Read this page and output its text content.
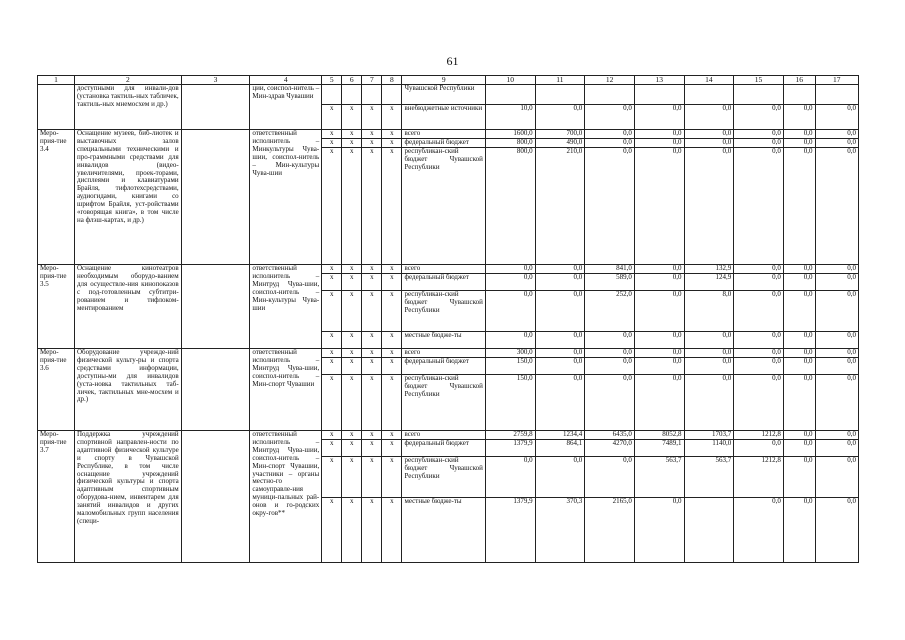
61
1	2	3	4	5	6	7	8	9	10	11	12	13	14	15	16	17
	доступными для инвали-дов (установка тактиль-ных табличек, тактиль-ных мнемосхем и др.)		ции, соиспол-нитель – Мин-здрав Чувашии					Чувашской Республики								
				x	x	x	x	внебюджетные источники	10,0	0,0	0,0	0,0	0,0	0,0	0,0	0,0
Меро-прия-тие 3.4	Оснащение музеев, биб-лиотек и выставочных залов специальными техническими и про-граммными средствами для инвалидов (видео-увеличителями, проек-торами, дисплеями и клавиатурами Брайля, тифлотехсредствами, аудиогидами, книгами со шрифтом Брайля, уст-ройствами «говорящая книга», в том числе на флэш-картах, и др.)		ответственный исполнитель – Минкультуры Чува-шии, соиспол-нитель – Мин-культуры Чува-шии	x	x	x	x	всего	1600,0	700,0	0,0	0,0	0,0	0,0	0,0	0,0
				x	x	x	x	федеральный бюджет	800,0	490,0	0,0	0,0	0,0	0,0	0,0	0,0
				x	x	x	x	республикан-ский бюджет Чувашской Республики	800,0	210,0	0,0	0,0	0,0	0,0	0,0	0,0
Меро-прия-тие 3.5	Оснащение кинотеатров необходимым оборудо-ванием для осуществле-ния кинопоказов с под-готовленным субтитри-рованием и тифлоком-ментированием		ответственный исполнитель – Минтруд Чува-шии, соиспол-нитель – Мин-культуры Чува-шии	x	x	x	x	всего	0,0	0,0	841,0	0,0	132,9	0,0	0,0	0,0
				x	x	x	x	федеральный бюджет	0,0	0,0	589,0	0,0	124,9	0,0	0,0	0,0
				x	x	x	x	республикан-ский бюджет Чувашской Республики	0,0	0,0	252,0	0,0	8,0	0,0	0,0	0,0
				x	x	x	x	местные бюдже-ты	0,0	0,0	0,0	0,0	0,0	0,0	0,0	0,0
Меро-прия-тие 3.6	Оборудование учрежде-ний физической культу-ры и спорта средствами информации, доступны-ми для инвалидов (уста-новка тактильных таб-личек, тактильных мне-мосхем и др.)		ответственный исполнитель – Минтруд Чува-шии, соиспол-нитель – Мин-спорт Чувашии	x	x	x	x	всего	300,0	0,0	0,0	0,0	0,0	0,0	0,0	0,0
				x	x	x	x	федеральный бюджет	150,0	0,0	0,0	0,0	0,0	0,0	0,0	0,0
				x	x	x	x	республикан-ский бюджет Чувашской Республики	150,0	0,0	0,0	0,0	0,0	0,0	0,0	0,0
Меро-прия-тие 3.7	Поддержка учреждений спортивной направлен-ности по адаптивной физической культуре и спорту в Чувашской Республике, в том числе оснащение учреждений физической культуры и спорта адаптивным спортивным оборудова-нием, инвентарем для занятий инвалидов и других маломобильных групп населения (специ-		ответственный исполнитель – Минтруд Чува-шии, соиспол-нитель – Мин-спорт Чувашии, участники – органы местно-го самоуправле-ния муници-пальных рай-онов и го-родских окру-гов**	x	x	x	x	всего	2759,8	1234,4	6435,0	8052,8	1703,7	1212,8	0,0	0,0
				x	x	x	x	федеральный бюджет	1379,9	864,1	4270,0	7489,1	1140,0	0,0	0,0	0,0
				x	x	x	x	республикан-ский бюджет Чувашской Республики	0,0	0,0	0,0	563,7	563,7	1212,8	0,0	0,0
				x	x	x	x	местные бюдже-ты	1379,9	370,3	2165,0	0,0		0,0	0,0	0,0
